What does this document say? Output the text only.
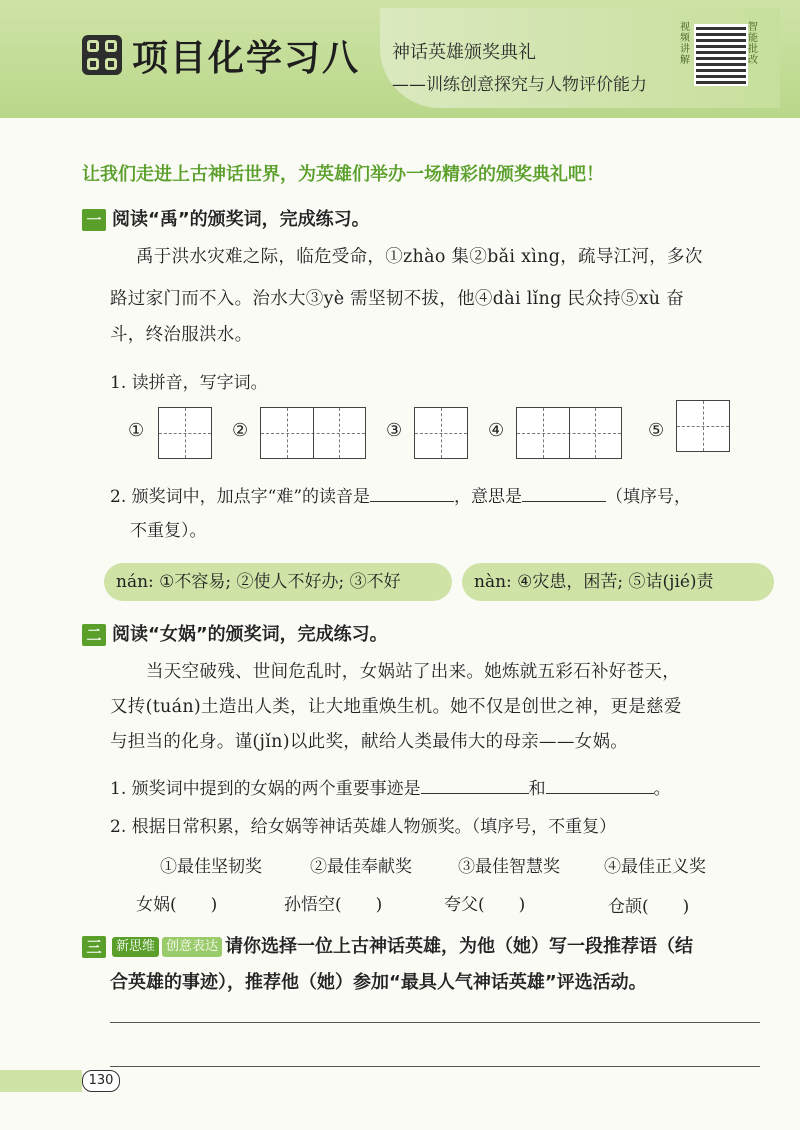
项目化学习八 神话英雄颁奖典礼
——训练创意探究与人物评价能力
视频讲解
智能批改
让我们走进上古神话世界，为英雄们举办一场精彩的颁奖典礼吧！
一 阅读“禹”的颁奖词，完成练习。
禹于洪水灾难之际，临危受命，①zhào 集②bǎi xìng，疏导江河，多次
路过家门而不入。治水大③yè 需坚韧不拔，他④dài lǐng 民众持⑤xù 奋
斗，终治服洪水。
1. 读拼音，写字词。
①	②	③	④	⑤
2. 颁奖词中，加点字“难”的读音是	，意思是	（填序号，
不重复）。
nán: ①不容易; ②使人不好办; ③不好	nàn: ④灾患，困苦; ⑤诘(jié)责
二 阅读“女娲”的颁奖词，完成练习。
当天空破残、世间危乱时，女娲站了出来。她炼就五彩石补好苍天，
又抟(tuán)土造出人类，让大地重焕生机。她不仅是创世之神，更是慈爱
与担当的化身。谨(jǐn)以此奖，献给人类最伟大的母亲——女娲。
1. 颁奖词中提到的女娲的两个重要事迹是	和	。
2. 根据日常积累，给女娲等神话英雄人物颁奖。（填序号，不重复）
①最佳坚韧奖	②最佳奉献奖	③最佳智慧奖	④最佳正义奖
女娲(　　)	孙悟空(　　)	夸父(　　)	仓颉(　　)
三 新思维 创意表达 请你选择一位上古神话英雄，为他（她）写一段推荐语（结
合英雄的事迹），推荐他（她）参加“最具人气神话英雄”评选活动。
130
